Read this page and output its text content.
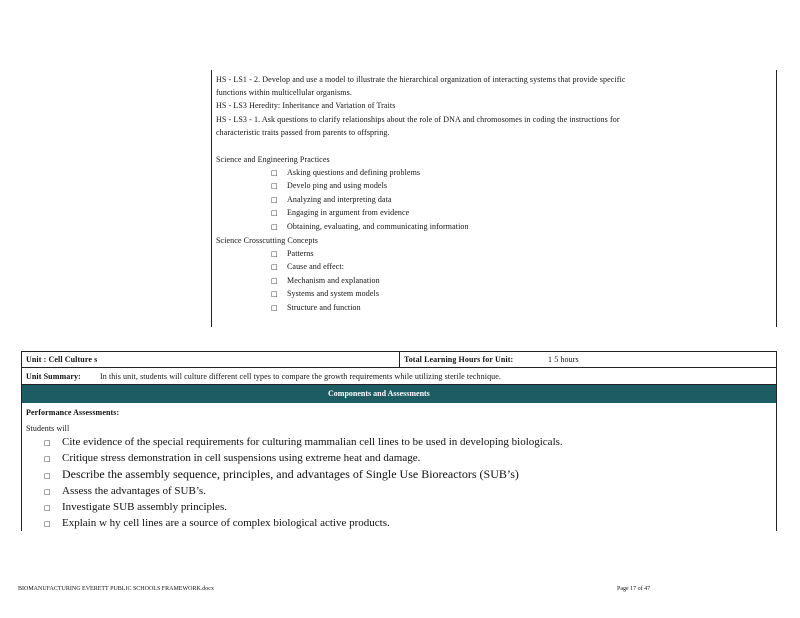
HS - LS1 - 2. Develop and use a model to illustrate the hierarchical organization of interacting systems that provide specific
functions within multicellular organisms.
HS - LS3 Heredity: Inheritance and Variation of Traits
HS - LS3 - 1. Ask questions to clarify relationships about the role of DNA and chromosomes in coding the instructions for
characteristic traits passed from parents to offspring.
Science and Engineering Practices
□ Asking questions and defining problems
□ Develo ping and using models
□ Analyzing and interpreting data
□ Engaging in argument from evidence
□ Obtaining, evaluating, and communicating information
Science Crosscutting Concepts
□ Patterns
□ Cause and effect:
□ Mechanism and explanation
□ Systems and system models
□ Structure and function
Components and Assessments
Unit : Cell Culture s	Total Learning Hours for Unit:	1 5 hours
Unit Summary: In this unit, students will culture different cell types to compare the growth requirements while utilizing sterile technique.
Performance Assessments:
Students will
□ Cite evidence of the special requirements for culturing mammalian cell lines to be used in developing biologicals.
□ Critique stress demonstration in cell suspensions using extreme heat and damage.
□ Describe the assembly sequence, principles, and advantages of Single Use Bioreactors (SUB’s)
□ Assess the advantages of SUB’s.
□ Investigate SUB assembly principles.
□ Explain w hy cell lines are a source of complex biological active products.
BIOMANUFACTURING EVERETT PUBLIC SCHOOLS FRAMEWORK.docx	Page 17 of 47
